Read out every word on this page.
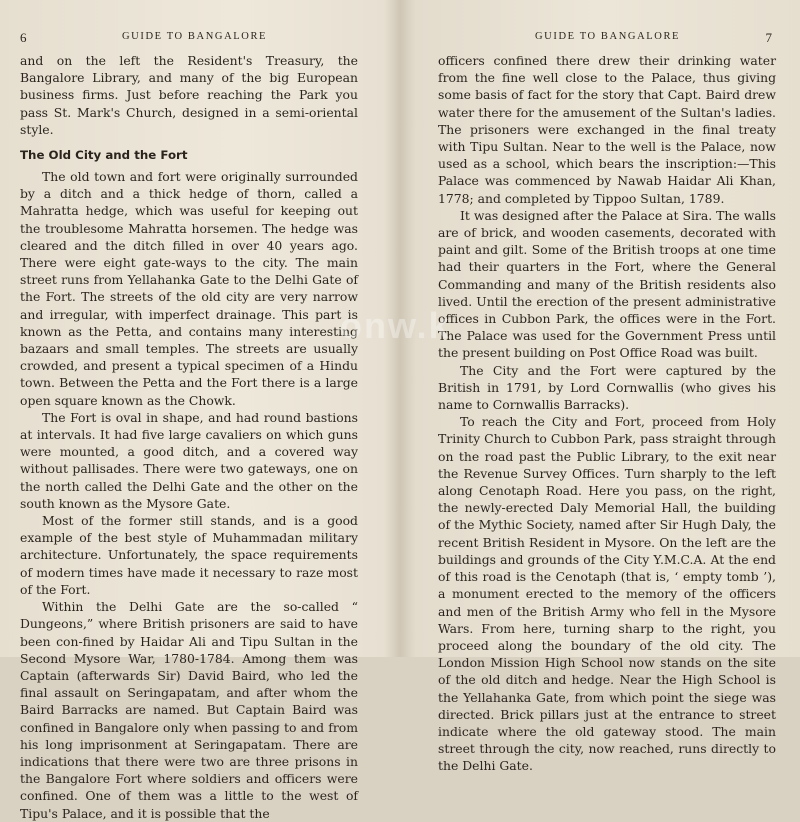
6	GUIDE TO BANGALORE

and on the left the Resident's Treasury, the Bangalore Library, and many of the big European business firms. Just before reaching the Park you pass St. Mark's Church, designed in a semi-oriental style.

The Old City and the Fort

The old town and fort were originally surrounded by a ditch and a thick hedge of thorn, called a Mahratta hedge, which was useful for keeping out the troublesome Mahratta horsemen. The hedge was cleared and the ditch filled in over 40 years ago. There were eight gate-ways to the city. The main street runs from Yellahanka Gate to the Delhi Gate of the Fort. The streets of the old city are very narrow and irregular, with imperfect drainage. This part is known as the Petta, and contains many interesting bazaars and small temples. The streets are usually crowded, and present a typical specimen of a Hindu town. Between the Petta and the Fort there is a large open square known as the Chowk.

The Fort is oval in shape, and had round bastions at intervals. It had five large cavaliers on which guns were mounted, a good ditch, and a covered way without pallisades. There were two gateways, one on the north called the Delhi Gate and the other on the south known as the Mysore Gate.

Most of the former still stands, and is a good example of the best style of Muhammadan military architecture. Unfortunately, the space requirements of modern times have made it necessary to raze most of the Fort.

Within the Delhi Gate are the so-called “ Dungeons,” where British prisoners are said to have been con-fined by Haidar Ali and Tipu Sultan in the Second Mysore War, 1780-1784. Among them was Captain (afterwards Sir) David Baird, who led the final assault on Seringapatam, and after whom the Baird Barracks are named. But Captain Baird was confined in Bangalore only when passing to and from his long imprisonment at Seringapatam. There are indications that there were two are three prisons in the Bangalore Fort where soldiers and officers were confined. One of them was a little to the west of Tipu's Palace, and it is possible that the

GUIDE TO BANGALORE	7

officers confined there drew their drinking water from the fine well close to the Palace, thus giving some basis of fact for the story that Capt. Baird drew water there for the amusement of the Sultan's ladies. The prisoners were exchanged in the final treaty with Tipu Sultan. Near to the well is the Palace, now used as a school, which bears the inscription:—This Palace was commenced by Nawab Haidar Ali Khan, 1778; and completed by Tippoo Sultan, 1789.

It was designed after the Palace at Sira. The walls are of brick, and wooden casements, decorated with paint and gilt. Some of the British troops at one time had their quarters in the Fort, where the General Commanding and many of the British residents also lived. Until the erection of the present administrative offices in Cubbon Park, the offices were in the Fort. The Palace was used for the Government Press until the present building on Post Office Road was built.

The City and the Fort were captured by the British in 1791, by Lord Cornwallis (who gives his name to Cornwallis Barracks).

To reach the City and Fort, proceed from Holy Trinity Church to Cubbon Park, pass straight through on the road past the Public Library, to the exit near the Revenue Survey Offices. Turn sharply to the left along Cenotaph Road. Here you pass, on the right, the newly-erected Daly Memorial Hall, the building of the Mythic Society, named after Sir Hugh Daly, the recent British Resident in Mysore. On the left are the buildings and grounds of the City Y.M.C.A. At the end of this road is the Cenotaph (that is, ‘ empty tomb ’), a monument erected to the memory of the officers and men of the British Army who fell in the Mysore Wars. From here, turning sharp to the right, you proceed along the boundary of the old city. The London Mission High School now stands on the site of the old ditch and hedge. Near the High School is the Yellahanka Gate, from which point the siege was directed. Brick pillars just at the entrance to street indicate where the old gateway stood. The main street through the city, now reached, runs directly to the Delhi Gate.

onw.k
